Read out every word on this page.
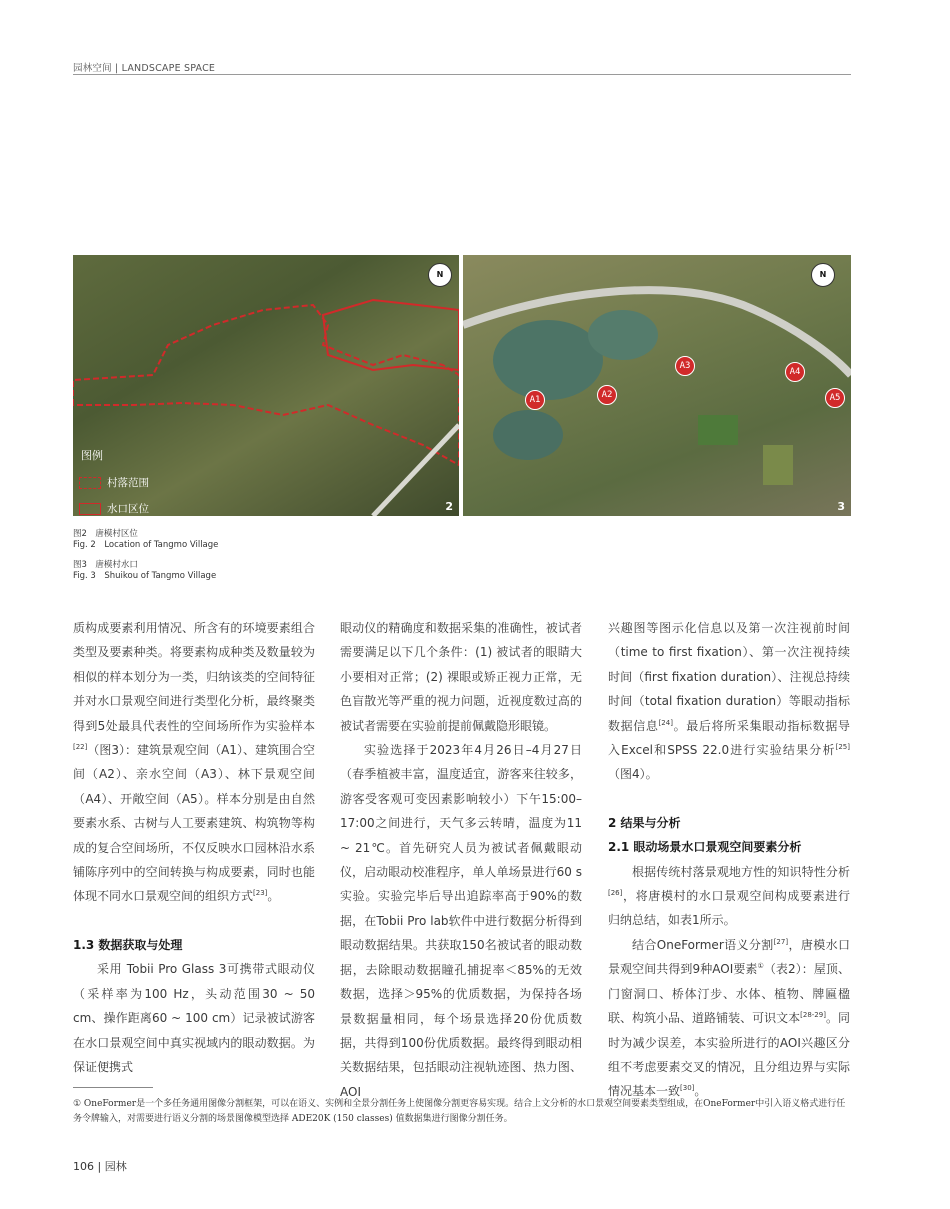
园林空间 | LANDSCAPE SPACE
N
图例
村落范围
水口区位	2
N
A1	A2
A3
A4
A5
3
图2　唐模村区位
Fig. 2　Location of Tangmo Village
图3　唐模村水口
Fig. 3　Shuikou of Tangmo Village

质构成要素利用情况、所含有的环境要素组合类型及要素种类。将要素构成种类及数量较为相似的样本划分为一类，归纳该类的空间特征并对水口景观空间进行类型化分析，最终聚类得到5处最具代表性的空间场所作为实验样本[22]（图3）：建筑景观空间（A1）、建筑围合空间（A2）、亲水空间（A3）、林下景观空间（A4）、开敞空间（A5）。样本分别是由自然要素水系、古树与人工要素建筑、构筑物等构成的复合空间场所，不仅反映水口园林沿水系铺陈序列中的空间转换与构成要素，同时也能体现不同水口景观空间的组织方式[23]。

1.3 数据获取与处理

采用 Tobii Pro Glass 3可携带式眼动仪（采样率为100 Hz，头动范围30 ~ 50 cm、操作距离60 ~ 100 cm）记录被试游客在水口景观空间中真实视域内的眼动数据。为保证便携式

眼动仪的精确度和数据采集的准确性，被试者需要满足以下几个条件：(1) 被试者的眼睛大小要相对正常；(2) 裸眼或矫正视力正常，无色盲散光等严重的视力问题，近视度数过高的被试者需要在实验前提前佩戴隐形眼镜。

实验选择于2023年4月26日–4月27日（春季植被丰富，温度适宜，游客来往较多，游客受客观可变因素影响较小）下午15:00–17:00之间进行，天气多云转晴，温度为11 ~ 21℃。首先研究人员为被试者佩戴眼动仪，启动眼动校准程序，单人单场景进行60 s实验。实验完毕后导出追踪率高于90%的数据，在Tobii Pro lab软件中进行数据分析得到眼动数据结果。共获取150名被试者的眼动数据，去除眼动数据瞳孔捕捉率＜85%的无效数据，选择＞95%的优质数据，为保持各场景数据量相同，每个场景选择20份优质数据，共得到100份优质数据。最终得到眼动相关数据结果，包括眼动注视轨迹图、热力图、AOI

兴趣图等图示化信息以及第一次注视前时间（time to first fixation）、第一次注视持续时间（first fixation duration）、注视总持续时间（total fixation duration）等眼动指标数据信息[24]。最后将所采集眼动指标数据导入Excel和SPSS 22.0进行实验结果分析[25]（图4）。

2 结果与分析

2.1 眼动场景水口景观空间要素分析

根据传统村落景观地方性的知识特性分析[26]，将唐模村的水口景观空间构成要素进行归纳总结，如表1所示。

结合OneFormer语义分割[27]，唐模水口景观空间共得到9种AOI要素①（表2）：屋顶、门窗洞口、桥体汀步、水体、植物、牌匾楹联、构筑小品、道路铺装、可识文本[28-29]。同时为减少误差，本实验所进行的AOI兴趣区分组不考虑要素交叉的情况，且分组边界与实际情况基本一致[30]。

① OneFormer是一个多任务通用图像分割框架，可以在语义、实例和全景分割任务上使图像分割更容易实现。结合上文分析的水口景观空间要素类型组成，在OneFormer中引入语义格式进行任务令牌输入，对需要进行语义分割的场景图像模型选择 ADE20K (150 classes) 值数据集进行图像分割任务。
106 | 园林
